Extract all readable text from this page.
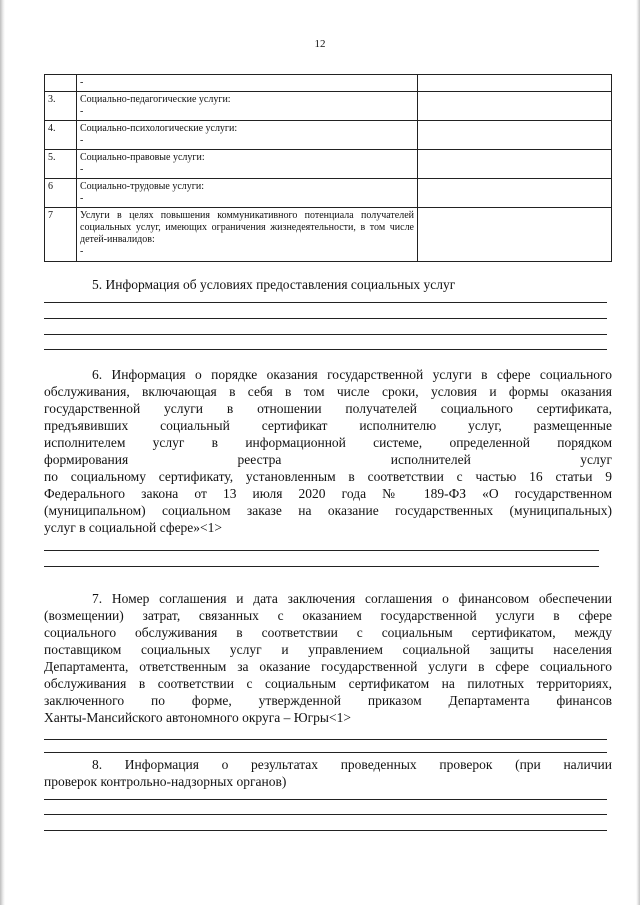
12

	-	

3.	Социально-педагогические услуги:
-	

4.	Социально-психологические услуги:
-	

5.	Социально-правовые услуги:
-	

6	Социально-трудовые услуги:
-	

7	Услуги в целях повышения коммуникативного потенциала получателей социальных услуг, имеющих ограничения жизнедеятельности, в том числе детей-инвалидов:
-	

5. Информация об условиях предоставления социальных услуг
6. Информация о порядке оказания государственной услуги в сфере социального
обслуживания, включающая в себя в том числе сроки, условия и формы оказания
государственной услуги в отношении получателей социального сертификата,
предъявивших социальный сертификат исполнителю услуг, размещенные
исполнителем услуг в информационной системе, определенной порядком
формирования реестра исполнителей услуг
по социальному сертификату, установленным в соответствии с частью 16 статьи 9
Федерального закона от 13 июля 2020 года № 189-ФЗ «О государственном
(муниципальном) социальном заказе на оказание государственных (муниципальных)
услуг в социальной сфере»<1>
7. Номер соглашения и дата заключения соглашения о финансовом обеспечении
(возмещении) затрат, связанных с оказанием государственной услуги в сфере
социального обслуживания в соответствии с социальным сертификатом, между
поставщиком социальных услуг и управлением социальной защиты населения
Департамента, ответственным за оказание государственной услуги в сфере социального
обслуживания в соответствии с социальным сертификатом на пилотных территориях,
заключенного по форме, утвержденной приказом Департамента финансов
Ханты-Мансийского автономного округа – Югры<1>
8. Информация о результатах проведенных проверок (при наличии
проверок контрольно-надзорных органов)
